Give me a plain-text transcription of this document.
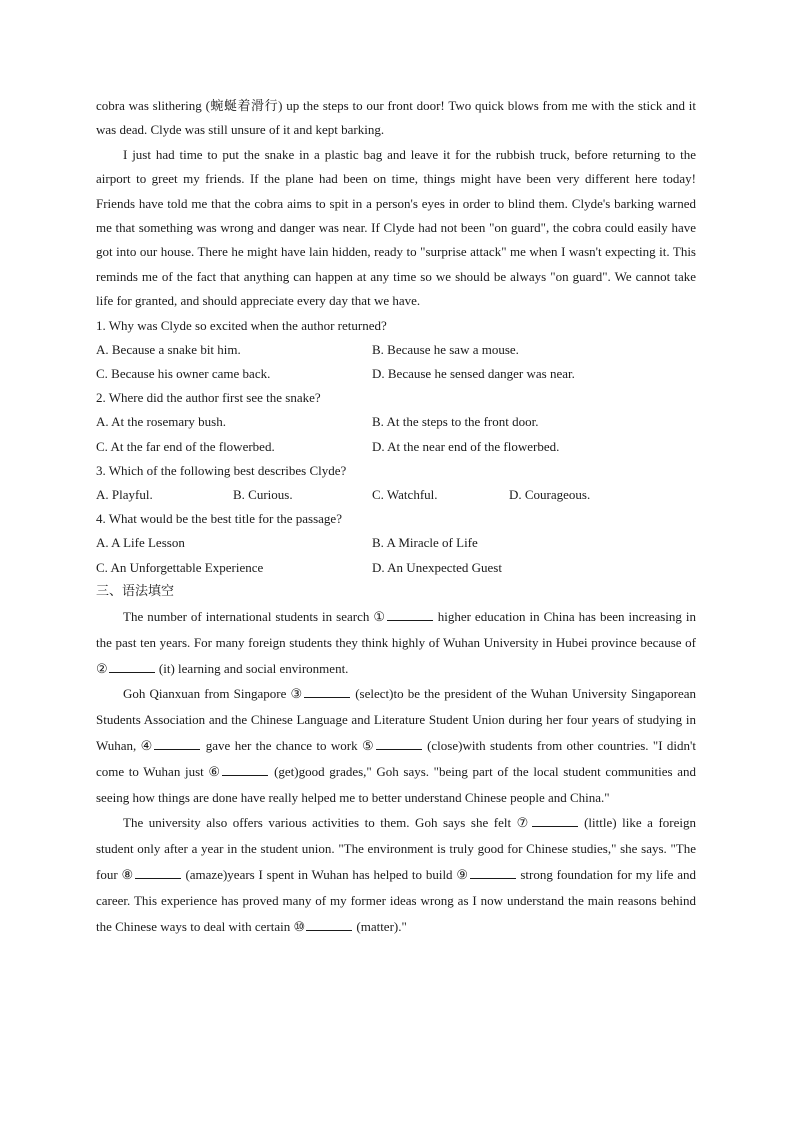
cobra was slithering (蜿蜒着滑行) up the steps to our front door! Two quick blows from me with the stick and it was dead. Clyde was still unsure of it and kept barking.

I just had time to put the snake in a plastic bag and leave it for the rubbish truck, before returning to the airport to greet my friends. If the plane had been on time, things might have been very different here today! Friends have told me that the cobra aims to spit in a person's eyes in order to blind them. Clyde's barking warned me that something was wrong and danger was near. If Clyde had not been "on guard", the cobra could easily have got into our house. There he might have lain hidden, ready to "surprise attack" me when I wasn't expecting it. This reminds me of the fact that anything can happen at any time so we should be always "on guard". We cannot take life for granted, and should appreciate every day that we have.

1. Why was Clyde so excited when the author returned?
A. Because a snake bit him.	B. Because he saw a mouse.
C. Because his owner came back.	D. Because he sensed danger was near.
2. Where did the author first see the snake?
A. At the rosemary bush.	B. At the steps to the front door.
C. At the far end of the flowerbed.	D. At the near end of the flowerbed.
3. Which of the following best describes Clyde?
A. Playful.	B. Curious.	C. Watchful.	D. Courageous.
4. What would be the best title for the passage?
A. A Life Lesson	B. A Miracle of Life
C. An Unforgettable Experience	D. An Unexpected Guest
三、语法填空

The number of international students in search ①	higher education in China has been increasing in the past ten years. For many foreign students they think highly of Wuhan University in Hubei province because of ②	(it) learning and social environment.

Goh Qianxuan from Singapore ③	(select)to be the president of the Wuhan University Singaporean Students Association and the Chinese Language and Literature Student Union during her four years of studying in Wuhan, ④	gave her the chance to work ⑤	(close)with students from other countries. "I didn't come to Wuhan just ⑥	(get)good grades," Goh says. "being part of the local student communities and seeing how things are done have really helped me to better understand Chinese people and China."

The university also offers various activities to them. Goh says she felt ⑦	(little) like a foreign student only after a year in the student union. "The environment is truly good for Chinese studies," she says. "The four ⑧	(amaze)years I spent in Wuhan has helped to build ⑨	strong foundation for my life and career. This experience has proved many of my former ideas wrong as I now understand the main reasons behind the Chinese ways to deal with certain ⑩	(matter)."
